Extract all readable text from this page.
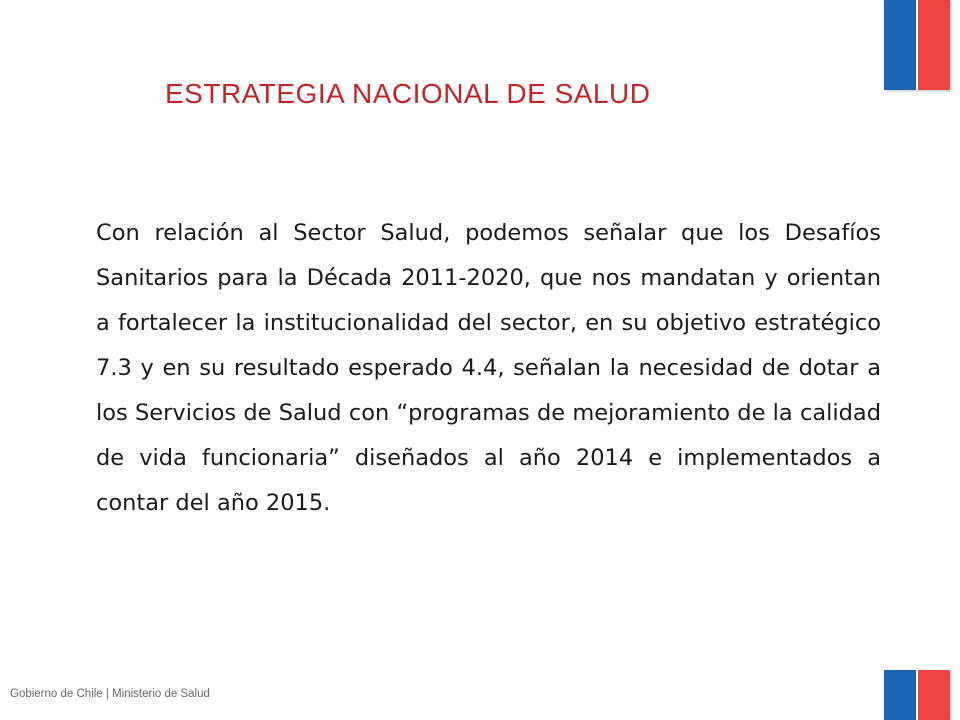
ESTRATEGIA NACIONAL DE SALUD

Con relación al Sector Salud, podemos señalar que los Desafíos Sanitarios para la Década 2011-2020, que nos mandatan y orientan a fortalecer la institucionalidad del sector, en su objetivo estratégico 7.3 y en su resultado esperado 4.4, señalan la necesidad de dotar a los Servicios de Salud con “programas de mejoramiento de la calidad de vida funcionaria” diseñados al año 2014 e implementados a contar del año 2015.

Gobierno de Chile | Ministerio de Salud
